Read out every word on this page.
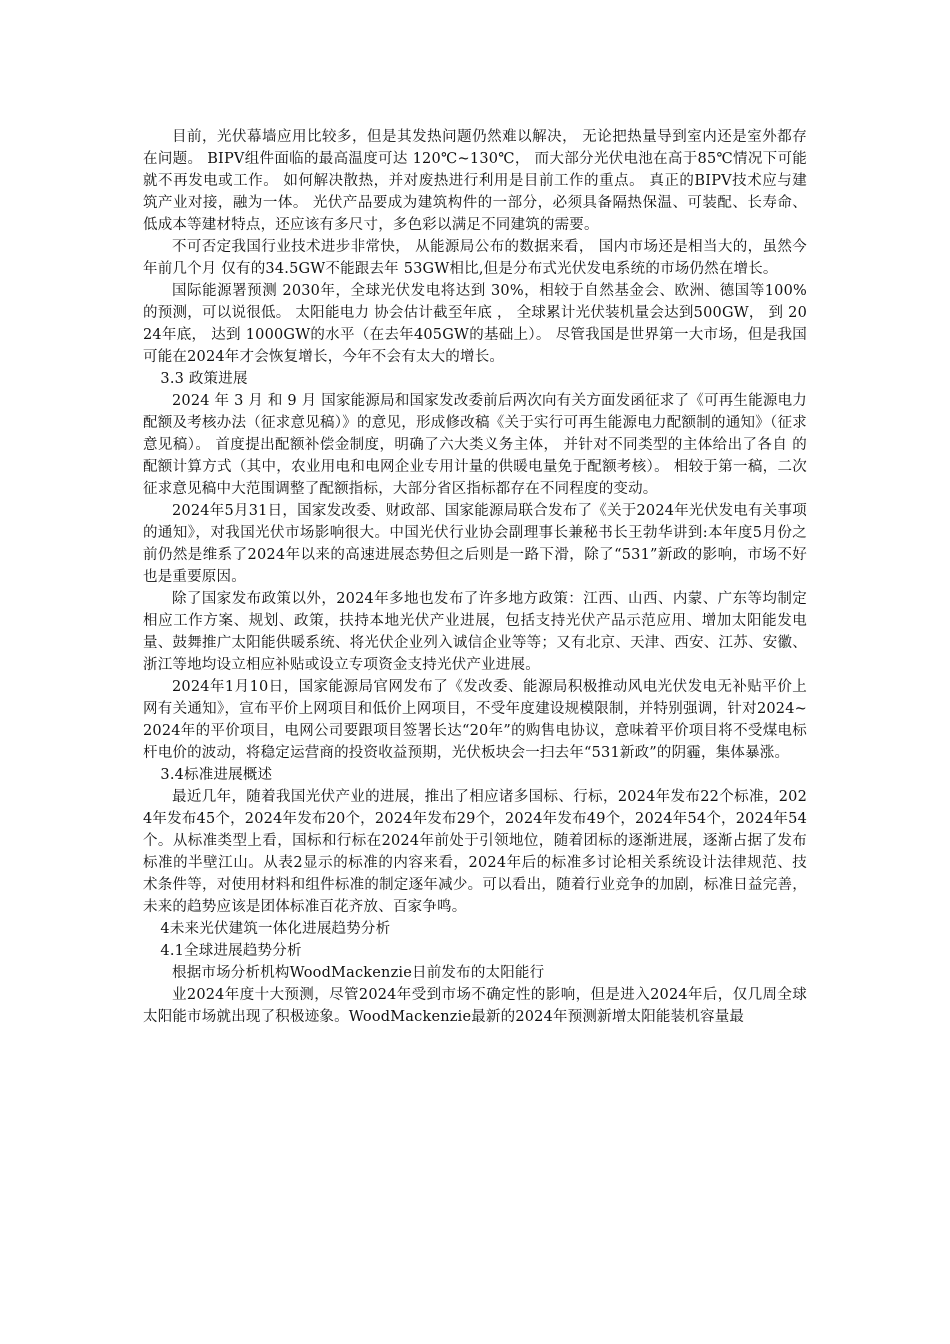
目前，光伏幕墙应用比较多，但是其发热问题仍然难以解决， 无论把热量导到室内还是室外都存在问题。 BIPV组件面临的最高温度可达 120℃~130℃， 而大部分光伏电池在高于85℃情况下可能就不再发电或工作。 如何解决散热，并对废热进行利用是目前工作的重点。 真正的BIPV技术应与建筑产业对接，融为一体。 光伏产品要成为建筑构件的一部分，必须具备隔热保温、可装配、长寿命、低成本等建材特点，还应该有多尺寸，多色彩以满足不同建筑的需要。

不可否定我国行业技术进步非常快， 从能源局公布的数据来看， 国内市场还是相当大的，虽然今年前几个月 仅有的34.5GW不能跟去年 53GW相比,但是分布式光伏发电系统的市场仍然在增长。

国际能源署预测 2030年，全球光伏发电将达到 30%，相较于自然基金会、欧洲、德国等100%的预测，可以说很低。 太阳能电力 协会估计截至年底 ， 全球累计光伏装机量会达到500GW， 到 2024年底， 达到 1000GW的水平（在去年405GW的基础上）。 尽管我国是世界第一大市场，但是我国可能在2024年才会恢复增长，今年不会有太大的增长。

3.3 政策进展

2024 年 3 月 和 9 月 国家能源局和国家发改委前后两次向有关方面发函征求了《可再生能源电力配额及考核办法（征求意见稿）》的意见，形成修改稿《关于实行可再生能源电力配额制的通知》（征求意见稿）。 首度提出配额补偿金制度，明确了六大类义务主体， 并针对不同类型的主体给出了各自 的配额计算方式（其中，农业用电和电网企业专用计量的供暖电量免于配额考核）。 相较于第一稿，二次征求意见稿中大范围调整了配额指标，大部分省区指标都存在不同程度的变动。

2024年5月31日，国家发改委、财政部、国家能源局联合发布了《关于2024年光伏发电有关事项的通知》，对我国光伏市场影响很大。中国光伏行业协会副理事长兼秘书长王勃华讲到:本年度5月份之前仍然是维系了2024年以来的高速进展态势但之后则是一路下滑，除了“531”新政的影响，市场不好也是重要原因。

除了国家发布政策以外，2024年多地也发布了许多地方政策：江西、山西、内蒙、广东等均制定相应工作方案、规划、政策，扶持本地光伏产业进展，包括支持光伏产品示范应用、增加太阳能发电量、鼓舞推广太阳能供暖系统、将光伏企业列入诚信企业等等；又有北京、天津、西安、江苏、安徽、浙江等地均设立相应补贴或设立专项资金支持光伏产业进展。

2024年1月10日，国家能源局官网发布了《发改委、能源局积极推动风电光伏发电无补贴平价上网有关通知》，宣布平价上网项目和低价上网项目，不受年度建设规模限制，并特别强调，针对2024~2024年的平价项目，电网公司要跟项目签署长达“20年”的购售电协议，意味着平价项目将不受煤电标杆电价的波动，将稳定运营商的投资收益预期，光伏板块会一扫去年“531新政”的阴霾，集体暴涨。

3.4标准进展概述

最近几年，随着我国光伏产业的进展，推出了相应诸多国标、行标，2024年发布22个标准，2024年发布45个，2024年发布20个，2024年发布29个，2024年发布49个，2024年54个，2024年54个。从标准类型上看，国标和行标在2024年前处于引领地位，随着团标的逐渐进展，逐渐占据了发布标准的半壁江山。从表2显示的标准的内容来看，2024年后的标准多讨论相关系统设计法律规范、技术条件等，对使用材料和组件标准的制定逐年减少。可以看出，随着行业竞争的加剧，标准日益完善，未来的趋势应该是团体标准百花齐放、百家争鸣。

4未来光伏建筑一体化进展趋势分析

4.1全球进展趋势分析

根据市场分析机构WoodMackenzie日前发布的太阳能行

业2024年度十大预测，尽管2024年受到市场不确定性的影响，但是进入2024年后，仅几周全球太阳能市场就出现了积极迹象。WoodMackenzie最新的2024年预测新增太阳能装机容量最
